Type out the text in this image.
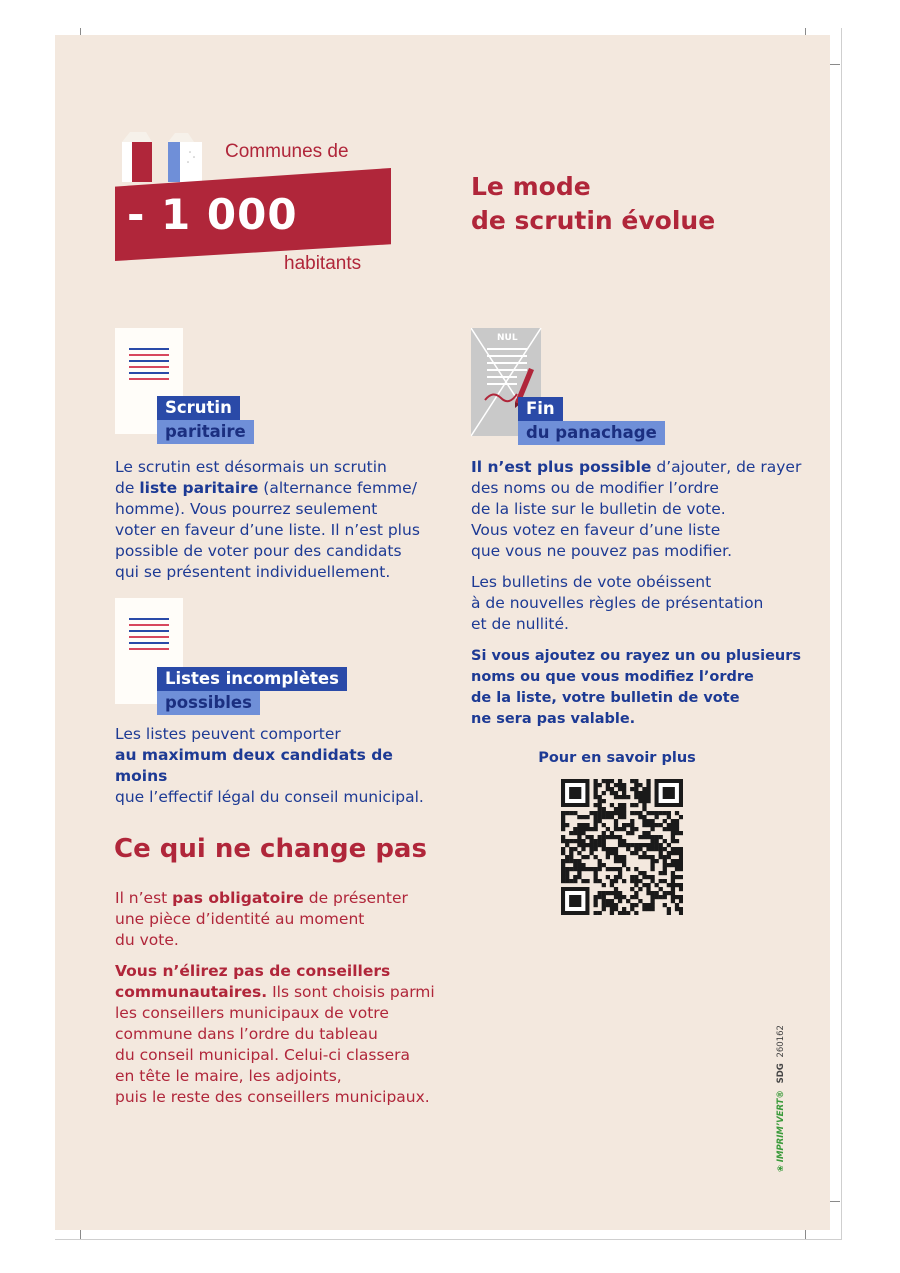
Communes de
- 1 000
habitants
Le mode
de scrutin évolue
Scrutin
paritaire

Le scrutin est désormais un scrutin

de liste paritaire (alternance femme/

homme). Vous pourrez seulement

voter en faveur d’une liste. Il n’est plus

possible de voter pour des candidats

qui se présentent individuellement.

Listes incomplètes
possibles

Les listes peuvent comporter

au maximum deux candidats de moins

que l’effectif légal du conseil municipal.

NUL
Fin
du panachage

Il n’est plus possible d’ajouter, de rayer

des noms ou de modifier l’ordre

de la liste sur le bulletin de vote.

Vous votez en faveur d’une liste

que vous ne pouvez pas modifier.

Les bulletins de vote obéissent

à de nouvelles règles de présentation

et de nullité.

Si vous ajoutez ou rayez un ou plusieurs

noms ou que vous modifiez l’ordre

de la liste, votre bulletin de vote

ne sera pas valable.

Pour en savoir plus
Ce qui ne change pas

Il n’est pas obligatoire de présenter

une pièce d’identité au moment

du vote.

Vous n’élirez pas de conseillers

communautaires. Ils sont choisis parmi

les conseillers municipaux de votre

commune dans l’ordre du tableau

du conseil municipal. Celui-ci classera

en tête le maire, les adjoints,

puis le reste des conseillers municipaux.

❀ IMPRIM’VERT® SDG 260162
